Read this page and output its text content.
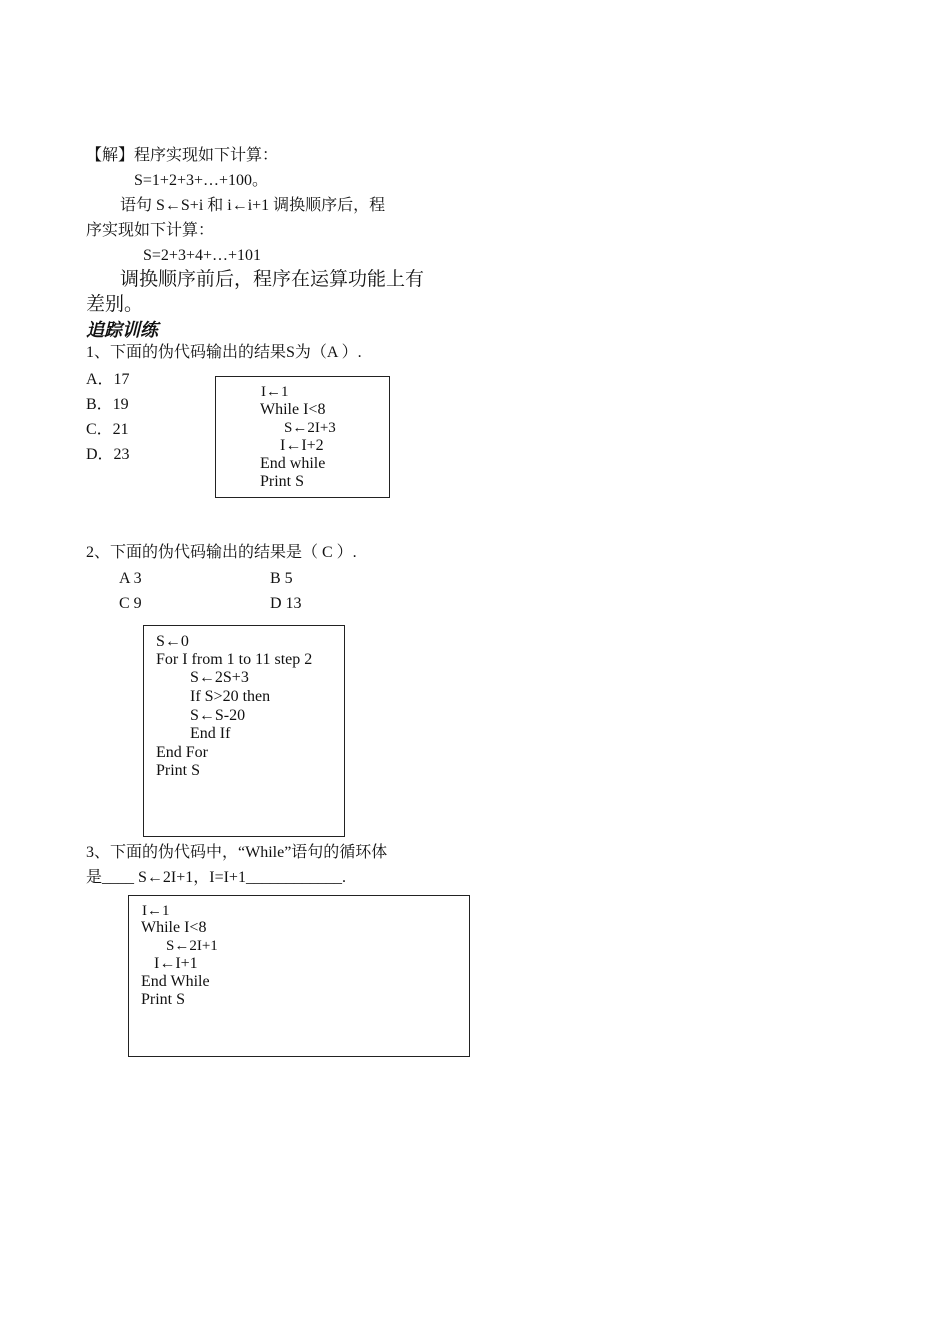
【解】程序实现如下计算：
S=1+2+3+…+100。
语句 S←S+i 和 i←i+1 调换顺序后，程
序实现如下计算：
S=2+3+4+…+101
调换顺序前后，程序在运算功能上有
差别。
追踪训练
1、下面的伪代码输出的结果S为（A ）.
A．17
B．19
C．21
D．23
I←1
While I<8
S←2I+3
I←I+2
End while
Print S
2、下面的伪代码输出的结果是（ C ）.
A 3	B 5
C 9	D 13
S←0
For I from 1 to 11 step 2
S←2S+3
If S>20 then
S←S-20
End If
End For
Print S
3、下面的伪代码中，“While”语句的循环体
是____ S←2I+1，I=I+1____________.
I←1
While I<8
S←2I+1
I←I+1
End While
Print S
